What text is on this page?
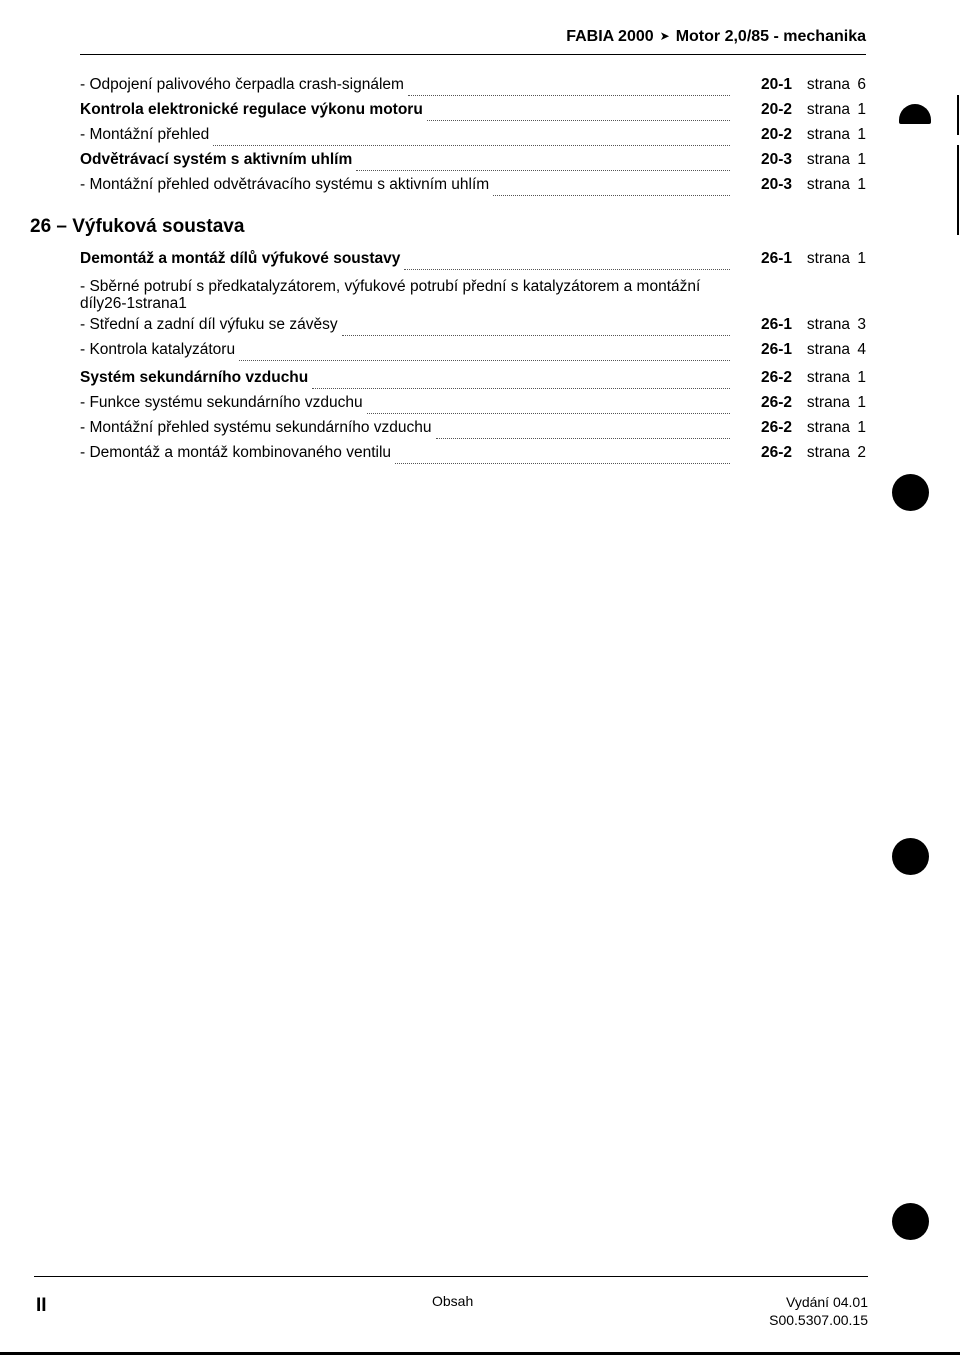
FABIA 2000 ➤ Motor 2,0/85 - mechanika
- Odpojení palivového čerpadla crash-signálem	20-1 strana 6
Kontrola elektronické regulace výkonu motoru	20-2 strana 1
- Montážní přehled	20-2 strana 1
Odvětrávací systém s aktivním uhlím	20-3 strana 1
- Montážní přehled odvětrávacího systému s aktivním uhlím	20-3 strana 1
26 – Výfuková soustava
Demontáž a montáž dílů výfukové soustavy	26-1 strana 1
- Sběrné potrubí s předkatalyzátorem, výfukové potrubí přední s katalyzátorem a montážní
díly 26-1 strana 1
- Střední a zadní díl výfuku se závěsy	26-1 strana 3
- Kontrola katalyzátoru	26-1 strana 4
Systém sekundárního vzduchu	26-2 strana 1
- Funkce systému sekundárního vzduchu	26-2 strana 1
- Montážní přehled systému sekundárního vzduchu	26-2 strana 1
- Demontáž a montáž kombinovaného ventilu	26-2 strana 2
II	Obsah	Vydání 04.01
S00.5307.00.15
